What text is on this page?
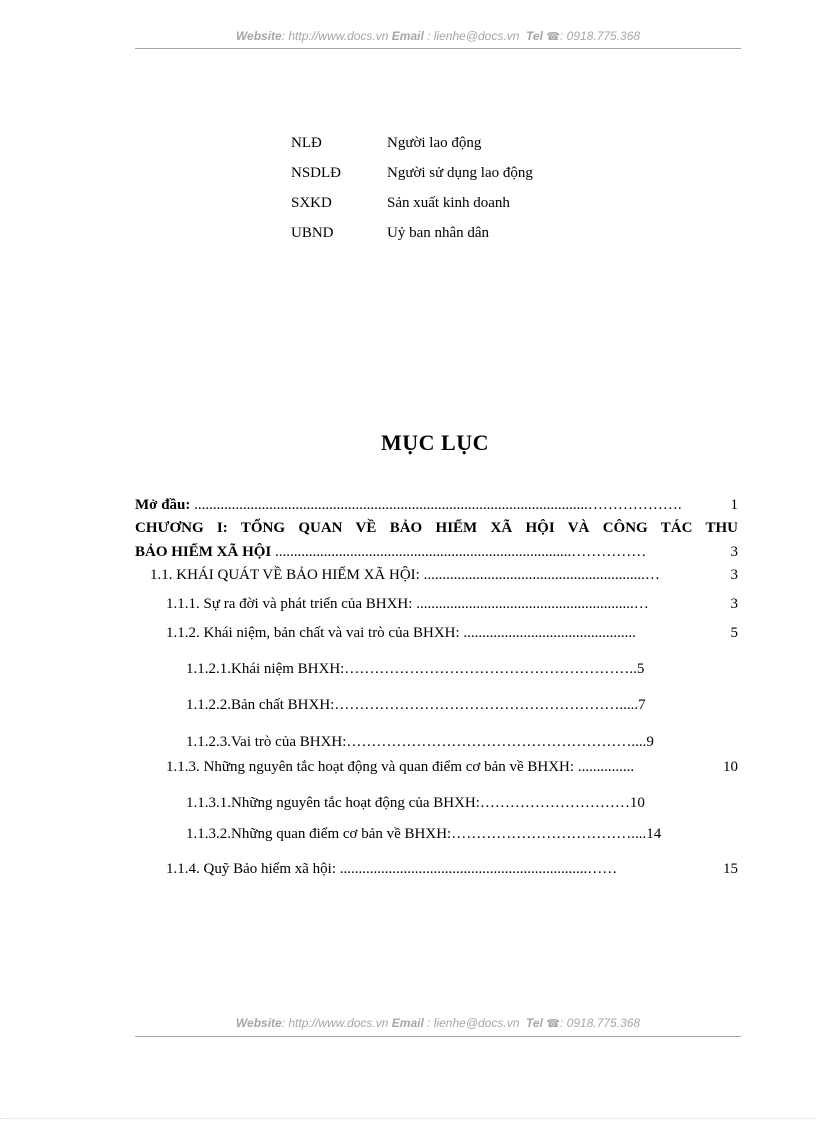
Website: http://www.docs.vn Email : lienhe@docs.vn Tel ☎: 0918.775.368
NLĐ	Người lao động
NSDLĐ	Người sử dụng lao động
SXKD	Sản xuất kinh doanh
UBND	Uỷ ban nhân dân
MỤC LỤC
Mở đầu: .........................................................................................................……………….	1
CHƯƠNG I: TỔNG QUAN VỀ BẢO HIỂM XÃ HỘI VÀ CÔNG TÁC THU
BẢO HIỂM XÃ HỘI ...............................................................................……………	3
1.1. KHÁI QUÁT VỀ BẢO HIỂM XÃ HỘI: ...........................................................…	3
1.1.1. Sự ra đời và phát triển của BHXH: ..........................................................…	3
1.1.2. Khái niệm, bản chất và vai trò của BHXH: ..............................................	5
1.1.2.1.Khái niệm BHXH:…………………………………………………..5
1.1.2.2.Bản chất BHXH:………………………………………………….....7
1.1.2.3.Vai trò của BHXH:…………………………………………………....9
1.1.3. Những nguyên tắc hoạt động và quan điểm cơ bản về BHXH: ...............	10
1.1.3.1.Những nguyên tắc hoạt động của BHXH:…………………………10
1.1.3.2.Những quan điểm cơ bản về BHXH:………………………………....14
1.1.4. Quỹ Bảo hiểm xã hội: ..................................................................……	15
Website: http://www.docs.vn Email : lienhe@docs.vn Tel ☎: 0918.775.368
